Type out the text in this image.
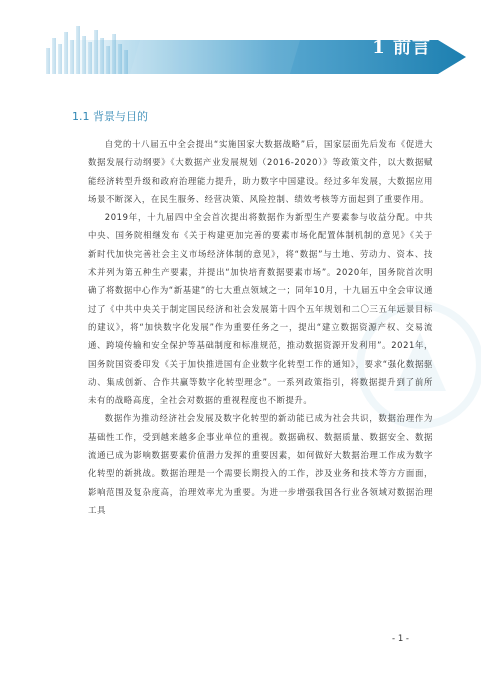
1 前言
1.1 背景与目的

自党的十八届五中全会提出“实施国家大数据战略”后，国家层面先后发布《促进大数据发展行动纲要》《大数据产业发展规划（2016-2020）》等政策文件，以大数据赋能经济转型升级和政府治理能力提升，助力数字中国建设。经过多年发展，大数据应用场景不断深入，在民生服务、经营决策、风险控制、绩效考核等方面起到了重要作用。

2019年，十九届四中全会首次提出将数据作为新型生产要素参与收益分配。中共中央、国务院相继发布《关于构建更加完善的要素市场化配置体制机制的意见》《关于新时代加快完善社会主义市场经济体制的意见》，将“数据”与土地、劳动力、资本、技术并列为第五种生产要素，并提出“加快培育数据要素市场”。2020年，国务院首次明确了将数据中心作为“新基建”的七大重点领域之一；同年10月，十九届五中全会审议通过了《中共中央关于制定国民经济和社会发展第十四个五年规划和二〇三五年远景目标的建议》，将“加快数字化发展”作为重要任务之一，提出“建立数据资源产权、交易流通、跨境传输和安全保护等基础制度和标准规范，推动数据资源开发利用”。2021年，国务院国资委印发《关于加快推进国有企业数字化转型工作的通知》，要求“强化数据驱动、集成创新、合作共赢等数字化转型理念”。一系列政策指引，将数据提升到了前所未有的战略高度，全社会对数据的重视程度也不断提升。

数据作为推动经济社会发展及数字化转型的新动能已成为社会共识，数据治理作为基础性工作，受到越来越多企事业单位的重视。数据确权、数据质量、数据安全、数据流通已成为影响数据要素价值潜力发挥的重要因素，如何做好大数据治理工作成为数字化转型的新挑战。数据治理是一个需要长期投入的工作，涉及业务和技术等方方面面，影响范围及复杂度高，治理效率尤为重要。为进一步增强我国各行业各领域对数据治理工具

- 1 -
